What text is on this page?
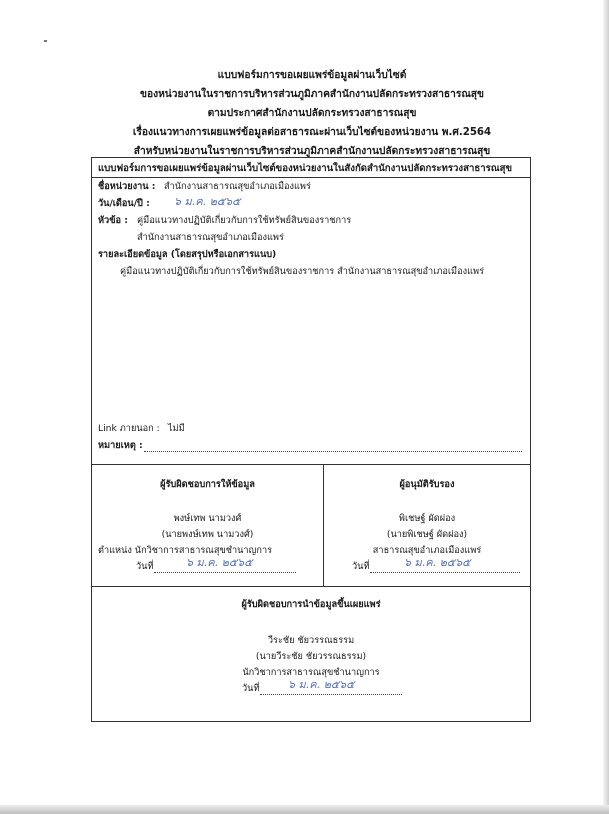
แบบฟอร์มการขอเผยแพร่ข้อมูลผ่านเว็บไซต์
ของหน่วยงานในราชการบริหารส่วนภูมิภาคสำนักงานปลัดกระทรวงสาธารณสุข
ตามประกาศสำนักงานปลัดกระทรวงสาธารณสุข
เรื่องแนวทางการเผยแพร่ข้อมูลต่อสาธารณะผ่านเว็บไซต์ของหน่วยงาน พ.ศ.2564
สำหรับหน่วยงานในราชการบริหารส่วนภูมิภาคสำนักงานปลัดกระทรวงสาธารณสุข
แบบฟอร์มการขอเผยแพร่ข้อมูลผ่านเว็บไซต์ของหน่วยงานในสังกัดสำนักงานปลัดกระทรวงสาธารณสุข
ชื่อหน่วยงาน : สำนักงานสาธารณสุขอำเภอเมืองแพร่
วัน/เดือน/ปี : ๖ ม.ค. ๒๕๖๕
หัวข้อ : คู่มือแนวทางปฏิบัติเกี่ยวกับการใช้ทรัพย์สินของราชการ
สำนักงานสาธารณสุขอำเภอเมืองแพร่
รายละเอียดข้อมูล (โดยสรุปหรือเอกสารแนบ)
คู่มือแนวทางปฏิบัติเกี่ยวกับการใช้ทรัพย์สินของราชการ สำนักงานสาธารณสุขอำเภอเมืองแพร่
Link ภายนอก : ไม่มี
หมายเหตุ :
ผู้รับผิดชอบการให้ข้อมูล
พงษ์เทพ นามวงศ์
(นายพงษ์เทพ นามวงศ์)
ตำแหน่ง นักวิชาการสาธารณสุขชำนาญการ
วันที่	๖ ม.ค. ๒๕๖๕
ผู้อนุมัติรับรอง
พิเชษฐ์ ผัดผ่อง
(นายพิเชษฐ์ ผัดผ่อง)
สาธารณสุขอำเภอเมืองแพร่
วันที่	๖ ม.ค. ๒๕๖๕
ผู้รับผิดชอบการนำข้อมูลขึ้นเผยแพร่
วีระชัย ชัยวรรณธรรม
(นายวีระชัย ชัยวรรณธรรม)
นักวิชาการสาธารณสุขชำนาญการ
วันที่	๖ ม.ค. ๒๕๖๕
